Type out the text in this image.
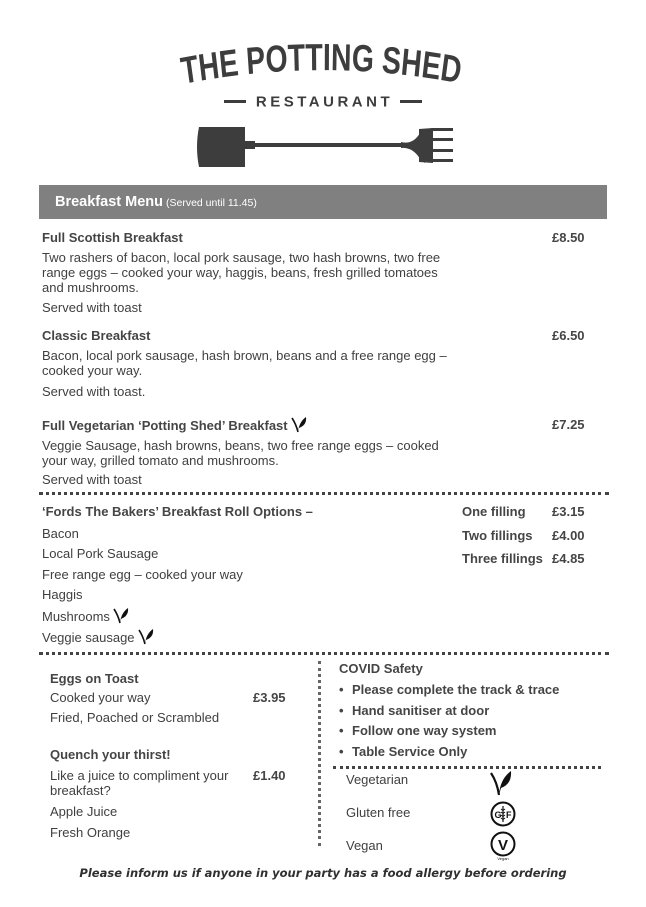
THE POTTING SHED
RESTAURANT
Breakfast Menu (Served until 11.45)
Full Scottish Breakfast	£8.50
Two rashers of bacon, local pork sausage, two hash browns, two free
range eggs – cooked your way, haggis, beans, fresh grilled tomatoes
and mushrooms.
Served with toast
Classic Breakfast	£6.50
Bacon, local pork sausage, hash brown, beans and a free range egg –
cooked your way.
Served with toast.
Full Vegetarian ‘Potting Shed’ Breakfast	£7.25
Veggie Sausage, hash browns, beans, two free range eggs – cooked
your way, grilled tomato and mushrooms.
Served with toast
‘Fords The Bakers’ Breakfast Roll Options –
Bacon
Local Pork Sausage
Free range egg – cooked your way
Haggis
Mushrooms
Veggie sausage
One filling £3.15
Two fillings £4.00
Three fillings £4.85
Eggs on Toast
Cooked your way	£3.95
Fried, Poached or Scrambled
Quench your thirst!
Like a juice to compliment your
breakfast?
£1.40
Apple Juice
Fresh Orange
COVID Safety
• Please complete the track & trace
• Hand sanitiser at door
• Follow one way system
• Table Service Only
Vegetarian
Gluten free	G F
Vegan	V
Vegan
Please inform us if anyone in your party has a food allergy before ordering
